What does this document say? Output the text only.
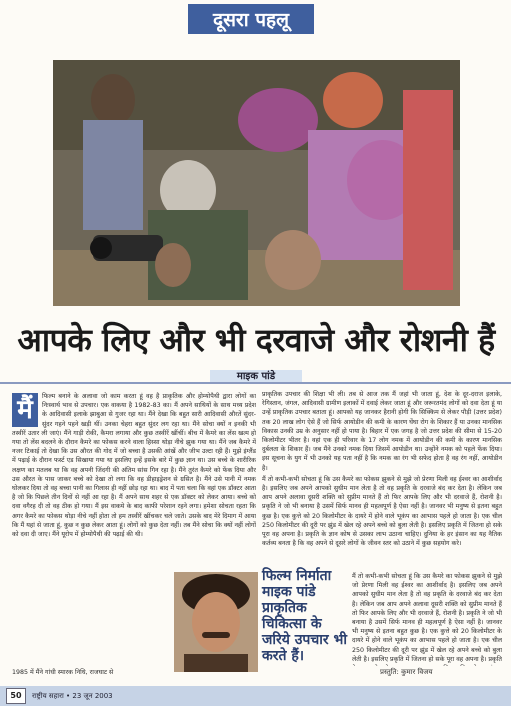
दूसरा पहलू
आपके लिए और भी दरवाजे और रोशनी हैं
माइक पांडे
मैं	फिल्म बनाने के अलावा जो काम करता हूं वह है प्राकृतिक और होम्योपैथी द्वारा लोगों का निःस्वार्थ भाव से उपचार। एक वाकया है 1982-83 का। मैं अपने साथियों के साथ मध्य प्रदेश के आदिवासी इलाके झाबुआ से गुजर रहा था। मैंने देखा कि बहुत सारी आदिवासी औरतें सुंदर-सुंदर गहने पहने खड़ी थीं। उनका चेहरा बहुत सुंदर लग रहा था। मैंने सोचा क्यों न इनकी भी तस्वीरें उतार ली जाएं। मैंने गाड़ी रोकी, कैमरा लगाया और कुछ तस्वीरें खींचीं। बीच में कैमरे का लेंस खत्म हो गया तो लेंस बदलने के दौरान कैमरे का फोकस करने वाला हिस्सा थोड़ा नीचे झुक गया था। मैंने जब कैमरे में नजर टिकाई तो देखा कि उस औरत की गोद में जो बच्चा है उसकी आंखें और जीभ उल्टा रही हैं। मुझे इंग्लैंड में पढ़ाई के दौरान फर्स्ट एड सिखाया गया था इसलिए इन्हें इसके बारे में कुछ ज्ञान था। उस बच्चे के शारीरिक लक्षण का मतलब था कि वह अपनी जिंदगी की अंतिम सांस गिन रहा है। मैंने तुरंत कैमरे को फेंक दिया और उस औरत के पास जाकर बच्चे को देखा तो लगा कि वह डीहाइड्रेशन से ग्रसित है। मैंने उसे पानी में नमक घोलकर दिया तो वह बच्चा पानी का गिलास ही नहीं छोड़ रहा था। बाद में पता चला कि वहां एक डॉक्टर आता है जो कि पिछले तीन दिनों से नहीं आ रहा है। मैं अपने साथ शहर से एक डॉक्टर को लेकर आया। बच्चे को दवा वगैरह दी तो वह ठीक हो गया। मैं इस वाकये के बाद काफी परेशान रहने लगा। हमेशा सोचता रहता कि अगर कैमरे का फोकस थोड़ा नीचे नहीं होता तो हम तस्वीरें खींचकर चले जाते। उसके बाद मेरे दिमाग में आया कि मैं यहां से जाता हूं, कुछ न कुछ लेकर आता हूं। लोगों को कुछ देता नहीं। तब मैंने सोचा कि क्यों नहीं लोगों को दवा दी जाए। मैंने यूरोप में होम्योपैथी की पढ़ाई की थी।

1985 में मैंने गांधी स्मारक निधि, राजघाट से

प्राकृतिक उपचार की शिक्षा भी ली। तब से आज तक मैं जहां भी जाता हूं, देश के दूर-दराज इलाके, रेगिस्तान, जंगल, आदिवासी ग्रामीण इलाकों में दवाई लेकर जाता हूं और जरूरतमंद लोगों को दवा देता हूं या उन्हें प्राकृतिक उपचार बताता हूं। आपको यह जानकर हैरानी होगी कि सिक्किम से लेकर पौड़ी (उत्तर प्रदेश) तक 20 लाख लोग ऐसे हैं जो सिर्फ आयोडीन की कमी के कारण घेंघा रोग के शिकार हैं या उनका मानसिक विकास उनकी उम्र के अनुसार नहीं हो पाया है। बिहार में एक जगह है जो उत्तर प्रदेश की सीमा से 15-20 किलोमीटर भीतर है। वहां एक ही परिवार के 17 लोग नमक में आयोडीन की कमी के कारण मानसिक दुर्बलता के शिकार हैं। जब मैंने उनको नमक दिया जिसमें आयोडीन था। उन्होंने नमक को पहले फेंक दिया। इस सूचना के युग में भी उनको यह पता नहीं है कि नमक का रंग भी सफेद होता है वह रंग नहीं, आयोडीन है।

मैं तो कभी-कभी सोचता हूं कि उस कैमरे का फोकस झुकने से मुझे जो प्रेरणा मिली वह ईश्वर का आशीर्वाद है। इसलिए जब अपने आपको सुधीम मान लेता है तो वह प्रकृति के दरवाजे बंद कर देता है। लेकिन जब आप अपने अलावा दूसरी शक्ति को सुप्रीम मानते हैं तो फिर आपके लिए और भी दरवाजे हैं, रोशनी है। प्रकृति ने जो भी बनाया है उसमें सिर्फ मानव ही महत्वपूर्ण है ऐसा नहीं है। जानवर भी मनुष्य से इतना बहुत कुछ है। एक कुत्ते को 20 किलोमीटर के दायरे में होने वाले भूकंप का आभास पहले हो जाता है। एक चील 250 किलोमीटर की दूरी पर झुंड में खेल रहे अपने बच्चे को बुला लेती है। इसलिए प्रकृति में जितना हो सके पूरा वह अपना है। प्रकृति के ज्ञान कोष से उसका लाभ उठाना चाहिए। दुनिया के हर इंसान का यह नैतिक कर्तव्य बनता है कि वह अपने से दूसरे लोगों के जीवन स्तर को उठाने में कुछ सहयोग करे।

फिल्म निर्माता माइक पांडे प्राकृतिक चिकित्सा के जरिये उपचार भी करते हैं।

मैं तो कभी-कभी सोचता हूं कि उस कैमरे का फोकस झुकने से मुझे जो प्रेरणा मिली वह ईश्वर का आशीर्वाद है। इसलिए जब अपने आपको सुधीम मान लेता है तो वह प्रकृति के दरवाजे बंद कर देता है। लेकिन जब आप अपने अलावा दूसरी शक्ति को सुप्रीम मानते हैं तो फिर आपके लिए और भी दरवाजे हैं, रोशनी है। प्रकृति ने जो भी बनाया है उसमें सिर्फ मानव ही महत्वपूर्ण है ऐसा नहीं है। जानवर भी मनुष्य से इतना बहुत कुछ है। एक कुत्ते को 20 किलोमीटर के दायरे में होने वाले भूकंप का आभास पहले हो जाता है। एक चील 250 किलोमीटर की दूरी पर झुंड में खेल रहे अपने बच्चे को बुला लेती है। इसलिए प्रकृति में जितना हो सके पूरा वह अपना है। प्रकृति

प्रस्तुति: कुमार विजय
50	राष्ट्रीय सहारा • 23 जून 2003
